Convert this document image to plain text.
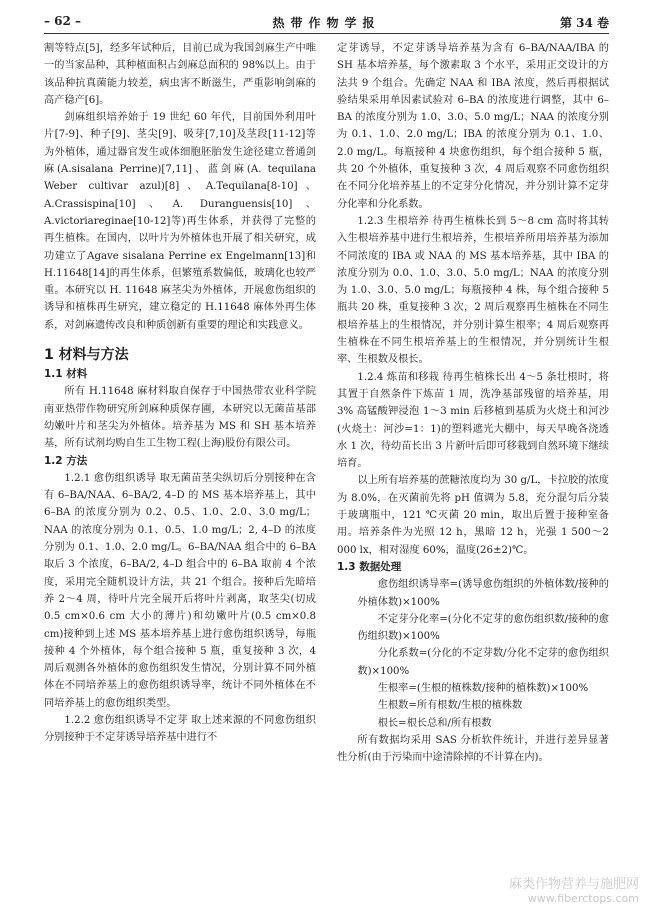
– 62 –	热带作物学报	第 34 卷

割等特点[5]，经多年试种后，目前已成为我国剑麻生产中唯一的当家品种，其种植面积占剑麻总面积的 98%以上。由于该品种抗真菌能力较差，病虫害不断滋生，严重影响剑麻的高产稳产[6]。

剑麻组织培养始于 19 世纪 60 年代，目前国外利用叶片[7-9]、种子[9]、茎尖[9]、吸芽[7,10]及茎段[11-12]等为外植体，通过器官发生或体细胞胚胎发生途径建立普通剑麻(A.sisalana Perrine)[7,11]、蓝剑麻(A. tequilana Weber cultivar azul)[8]、A.Tequilana[8-10]、A.Crassispina[10]、A. Duranguensis[10]、A.victoriareginae[10-12]等)再生体系，并获得了完整的再生植株。在国内，以叶片为外植体也开展了相关研究，成功建立了Agave sisalana Perrine ex Engelmann[13]和H.11648[14]的再生体系，但繁殖系数偏低，玻璃化也较严重。本研究以 H. 11648 麻茎尖为外植体，开展愈伤组织的诱导和植株再生研究，建立稳定的 H.11648 麻体外再生体系，对剑麻遗传改良和种质创新有重要的理论和实践意义。

1 材料与方法

1.1 材料

所有 H.11648 麻材料取自保存于中国热带农业科学院南亚热带作物研究所剑麻种质保存圃，本研究以无菌苗基部幼嫩叶片和茎尖为外植体。培养基为 MS 和 SH 基本培养基，所有试剂均购自生工生物工程(上海)股份有限公司。

1.2 方法

1.2.1 愈伤组织诱导 取无菌苗茎尖纵切后分别接种在含有 6–BA/NAA、6–BA/2, 4–D 的 MS 基本培养基上，其中 6–BA 的浓度分别为 0.2、0.5、1.0、2.0、3.0 mg/L；NAA 的浓度分别为 0.1、0.5、1.0 mg/L；2, 4–D 的浓度分别为 0.1、1.0、2.0 mg/L。6–BA/NAA 组合中的 6–BA 取后 3 个浓度，6–BA/2, 4–D 组合中的 6–BA 取前 4 个浓度，采用完全随机设计方法，共 21 个组合。接种后先暗培养 2～4 周，待叶片完全展开后将叶片剥离，取茎尖(切成0.5 cm×0.6 cm 大小的薄片)和幼嫩叶片(0.5 cm×0.8 cm)接种到上述 MS 基本培养基上进行愈伤组织诱导，每瓶接种 4 个外植体，每个组合接种 5 瓶，重复接种 3 次，4 周后观测各外植体的愈伤组织发生情况，分别计算不同外植体在不同培养基上的愈伤组织诱导率，统计不同外植体在不同培养基上的愈伤组织类型。

1.2.2 愈伤组织诱导不定芽 取上述来源的不同愈伤组织分别接种于不定芽诱导培养基中进行不

定芽诱导，不定芽诱导培养基为含有 6–BA/NAA/IBA 的 SH 基本培养基，每个激素取 3 个水平，采用正交设计的方法共 9 个组合。先确定 NAA 和 IBA 浓度，然后再根据试验结果采用单因素试验对 6–BA 的浓度进行调整，其中 6–BA 的浓度分别为 1.0、3.0、5.0 mg/L；NAA 的浓度分别为 0.1、1.0、2.0 mg/L；IBA 的浓度分别为 0.1、1.0、2.0 mg/L。每瓶接种 4 块愈伤组织，每个组合接种 5 瓶，共 20 个外植体，重复接种 3 次，4 周后观察不同愈伤组织在不同分化培养基上的不定芽分化情况，并分别计算不定芽分化率和分化系数。

1.2.3 生根培养 待再生植株长到 5～8 cm 高时将其转入生根培养基中进行生根培养，生根培养所用培养基为添加不同浓度的 IBA 或 NAA 的 MS 基本培养基，其中 IBA 的浓度分别为 0.0、1.0、3.0、5.0 mg/L；NAA 的浓度分别为 1.0、3.0、5.0 mg/L；每瓶接种 4 株，每个组合接种 5 瓶共 20 株，重复接种 3 次，2 周后观察再生植株在不同生根培养基上的生根情况，并分别计算生根率；4 周后观察再生植株在不同生根培养基上的生根情况，并分别统计生根率、生根数及根长。

1.2.4 炼苗和移栽 待再生植株长出 4～5 条壮根时，将其置于自然条件下炼苗 1 周，洗净基部残留的培养基，用 3% 高锰酸钾浸泡 1～3 min 后移植到基质为火烧土和河沙(火烧土：河沙=1：1)的塑料遮光大棚中，每天早晚各浇透水 1 次，待幼苗长出 3 片新叶后即可移栽到自然环境下继续培育。

以上所有培养基的蔗糖浓度均为 30 g/L，卡拉胶的浓度为 8.0%，在灭菌前先将 pH 值调为 5.8，充分混匀后分装于玻璃瓶中，121 ℃灭菌 20 min，取出后置于接种室备用。培养条件为光照 12 h，黑暗 12 h，光强 1 500～2 000 lx，相对湿度 60%，温度(26±2)℃。

1.3 数据处理

愈伤组织诱导率=(诱导愈伤组织的外植体数/接种的外植体数)×100%

不定芽分化率=(分化不定芽的愈伤组织数/接种的愈伤组织数)×100%

分化系数=(分化的不定芽数/分化不定芽的愈伤组织数)×100%

生根率=(生根的植株数/接种的植株数)×100%

生根数=所有根数/生根的植株数

根长=根长总和/所有根数

所有数据均采用 SAS 分析软件统计，并进行差异显著性分析(由于污染而中途清除掉的不计算在内)。

麻类作物营养与施肥网
www.fiberctops.com
